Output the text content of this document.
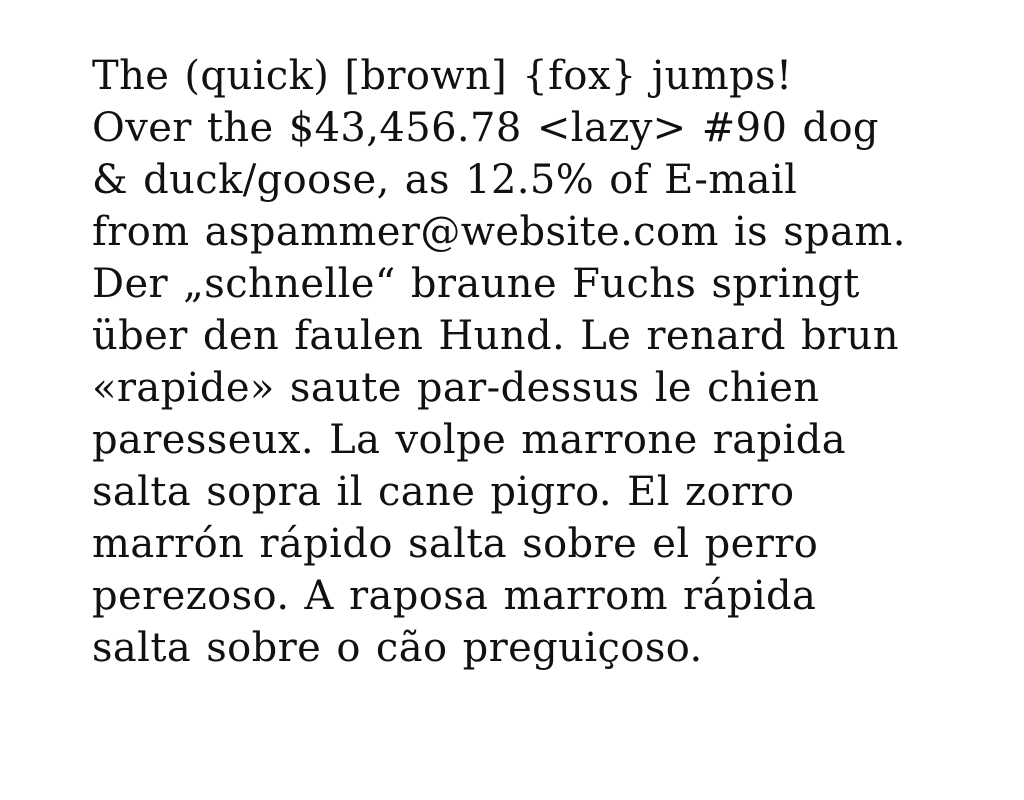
The (quick) [brown] {fox} jumps!
Over the $43,456.78 <lazy> #90 dog
& duck/goose, as 12.5% of E-mail
from aspammer@website.com is spam.
Der „schnelle“ braune Fuchs springt
über den faulen Hund. Le renard brun
«rapide» saute par-dessus le chien
paresseux. La volpe marrone rapida
salta sopra il cane pigro. El zorro
marrón rápido salta sobre el perro
perezoso. A raposa marrom rápida
salta sobre o cão preguiçoso.
